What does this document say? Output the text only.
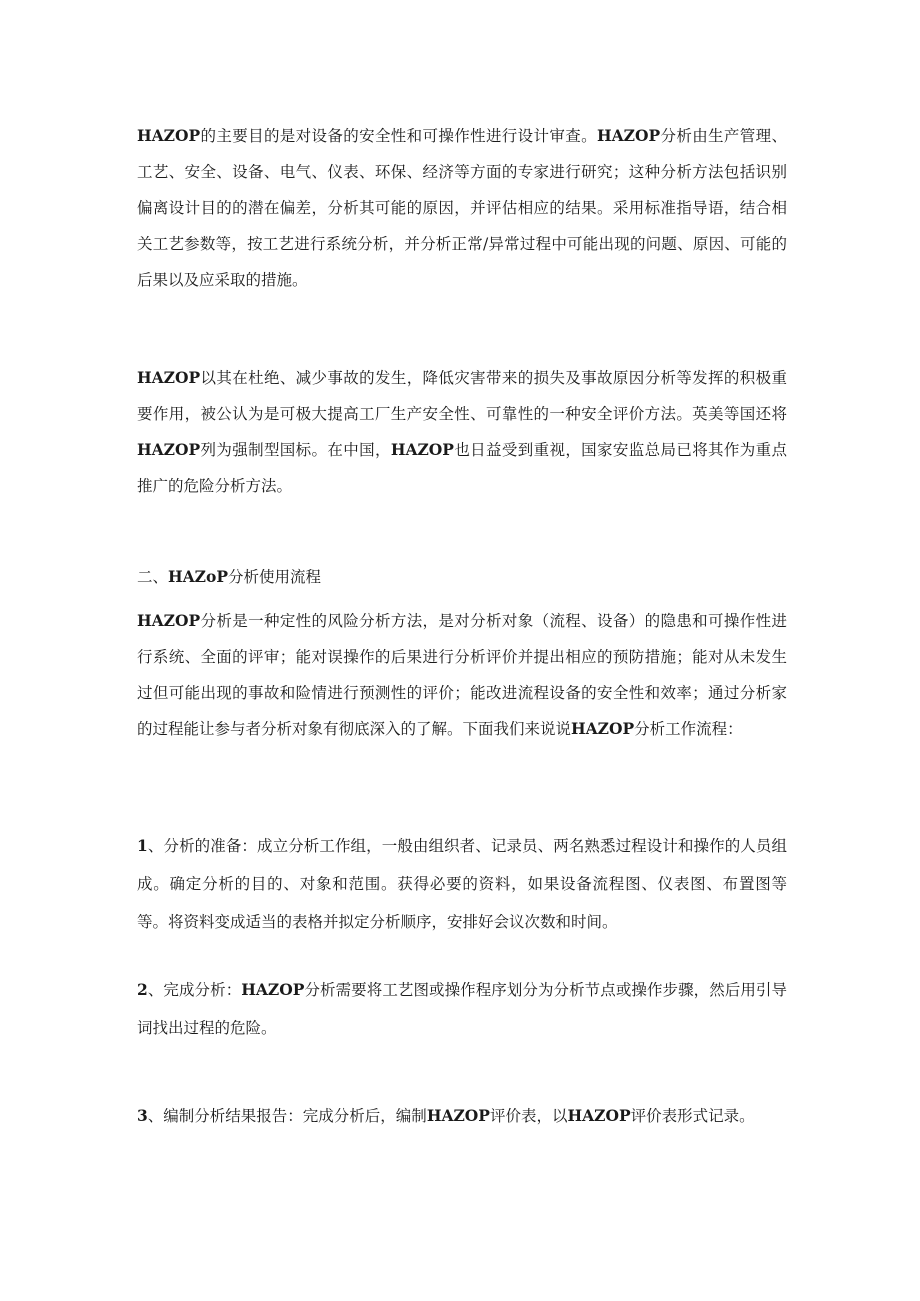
HAZOP的主要目的是对设备的安全性和可操作性进行设计审查。HAZOP分析由生产管理、工艺、安全、设备、电气、仪表、环保、经济等方面的专家进行研究；这种分析方法包括识别偏离设计目的的潜在偏差，分析其可能的原因，并评估相应的结果。采用标准指导语，结合相关工艺参数等，按工艺进行系统分析，并分析正常/异常过程中可能出现的问题、原因、可能的后果以及应采取的措施。

HAZOP以其在杜绝、减少事故的发生，降低灾害带来的损失及事故原因分析等发挥的积极重要作用，被公认为是可极大提高工厂生产安全性、可靠性的一种安全评价方法。英美等国还将HAZOP列为强制型国标。在中国，HAZOP也日益受到重视，国家安监总局已将其作为重点推广的危险分析方法。

二、HAZoP分析使用流程

HAZOP分析是一种定性的风险分析方法，是对分析对象（流程、设备）的隐患和可操作性进行系统、全面的评审；能对误操作的后果进行分析评价并提出相应的预防措施；能对从未发生过但可能出现的事故和险情进行预测性的评价；能改进流程设备的安全性和效率；通过分析家的过程能让参与者分析对象有彻底深入的了解。下面我们来说说HAZOP分析工作流程：

1、分析的准备：成立分析工作组，一般由组织者、记录员、两名熟悉过程设计和操作的人员组成。确定分析的目的、对象和范围。获得必要的资料，如果设备流程图、仪表图、布置图等等。将资料变成适当的表格并拟定分析顺序，安排好会议次数和时间。

2、完成分析：HAZOP分析需要将工艺图或操作程序划分为分析节点或操作步骤，然后用引导词找出过程的危险。

3、编制分析结果报告：完成分析后，编制HAZOP评价表，以HAZOP评价表形式记录。
